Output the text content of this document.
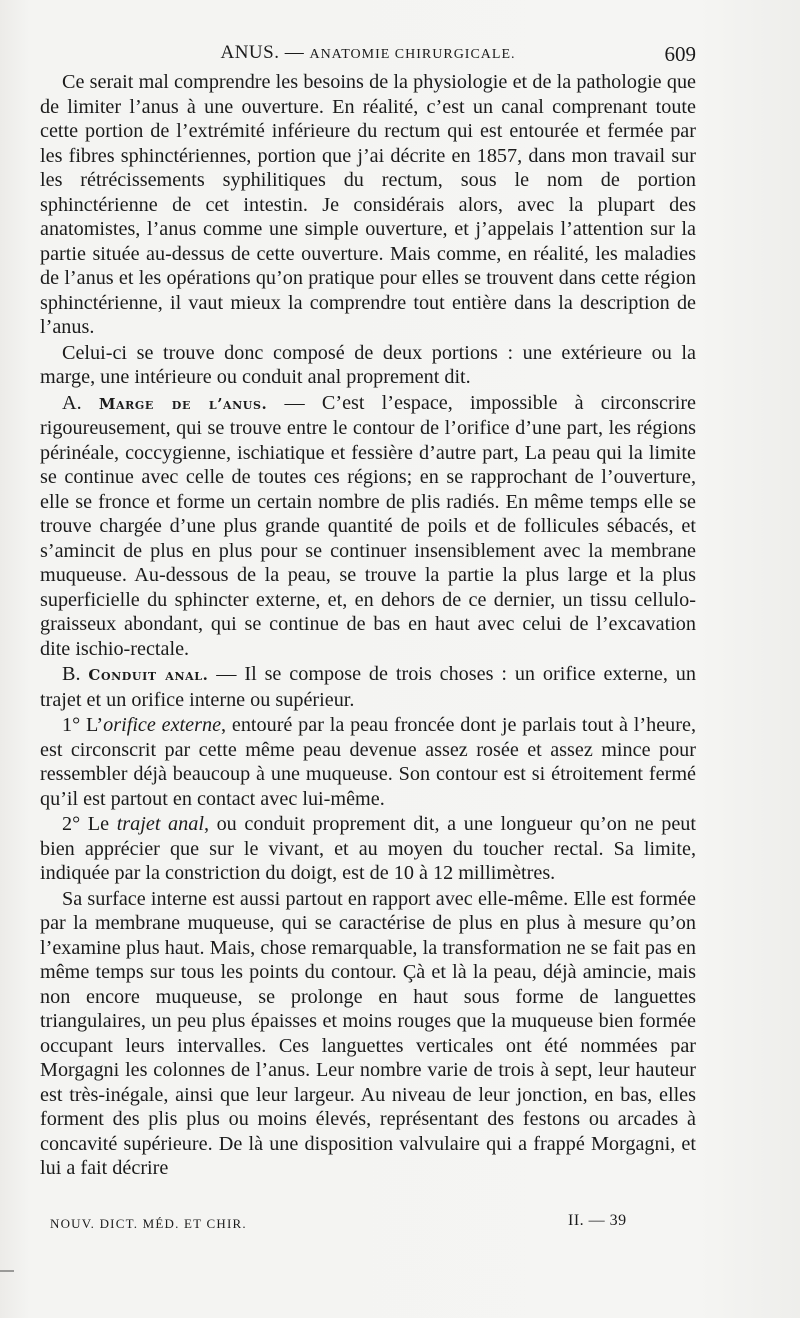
ANUS. — ANATOMIE CHIRURGICALE.	609

Ce serait mal comprendre les besoins de la physiologie et de la pathologie que de limiter l’anus à une ouverture. En réalité, c’est un canal comprenant toute cette portion de l’extrémité inférieure du rectum qui est entourée et fermée par les fibres sphinctériennes, portion que j’ai décrite en 1857, dans mon travail sur les rétrécissements syphilitiques du rectum, sous le nom de portion sphinctérienne de cet intestin. Je considérais alors, avec la plupart des anatomistes, l’anus comme une simple ouverture, et j’appelais l’attention sur la partie située au-dessus de cette ouverture. Mais comme, en réalité, les maladies de l’anus et les opérations qu’on pratique pour elles se trouvent dans cette région sphinctérienne, il vaut mieux la comprendre tout entière dans la description de l’anus.

Celui-ci se trouve donc composé de deux portions : une extérieure ou la marge, une intérieure ou conduit anal proprement dit.

A. Marge de l’anus. — C’est l’espace, impossible à circonscrire rigoureusement, qui se trouve entre le contour de l’orifice d’une part, les régions périnéale, coccygienne, ischiatique et fessière d’autre part, La peau qui la limite se continue avec celle de toutes ces régions; en se rapprochant de l’ouverture, elle se fronce et forme un certain nombre de plis radiés. En même temps elle se trouve chargée d’une plus grande quantité de poils et de follicules sébacés, et s’amincit de plus en plus pour se continuer insensiblement avec la membrane muqueuse. Au-dessous de la peau, se trouve la partie la plus large et la plus superficielle du sphincter externe, et, en dehors de ce dernier, un tissu cellulo-graisseux abondant, qui se continue de bas en haut avec celui de l’excavation dite ischio-rectale.

B. Conduit anal. — Il se compose de trois choses : un orifice externe, un trajet et un orifice interne ou supérieur.

1° L’orifice externe, entouré par la peau froncée dont je parlais tout à l’heure, est circonscrit par cette même peau devenue assez rosée et assez mince pour ressembler déjà beaucoup à une muqueuse. Son contour est si étroitement fermé qu’il est partout en contact avec lui-même.

2° Le trajet anal, ou conduit proprement dit, a une longueur qu’on ne peut bien apprécier que sur le vivant, et au moyen du toucher rectal. Sa limite, indiquée par la constriction du doigt, est de 10 à 12 millimètres.

Sa surface interne est aussi partout en rapport avec elle-même. Elle est formée par la membrane muqueuse, qui se caractérise de plus en plus à mesure qu’on l’examine plus haut. Mais, chose remarquable, la transformation ne se fait pas en même temps sur tous les points du contour. Çà et là la peau, déjà amincie, mais non encore muqueuse, se prolonge en haut sous forme de languettes triangulaires, un peu plus épaisses et moins rouges que la muqueuse bien formée occupant leurs intervalles. Ces languettes verticales ont été nommées par Morgagni les colonnes de l’anus. Leur nombre varie de trois à sept, leur hauteur est très-inégale, ainsi que leur largeur. Au niveau de leur jonction, en bas, elles forment des plis plus ou moins élevés, représentant des festons ou arcades à concavité supérieure. De là une disposition valvulaire qui a frappé Morgagni, et lui a fait décrire

NOUV. DICT. MÉD. ET CHIR.	II. — 39
